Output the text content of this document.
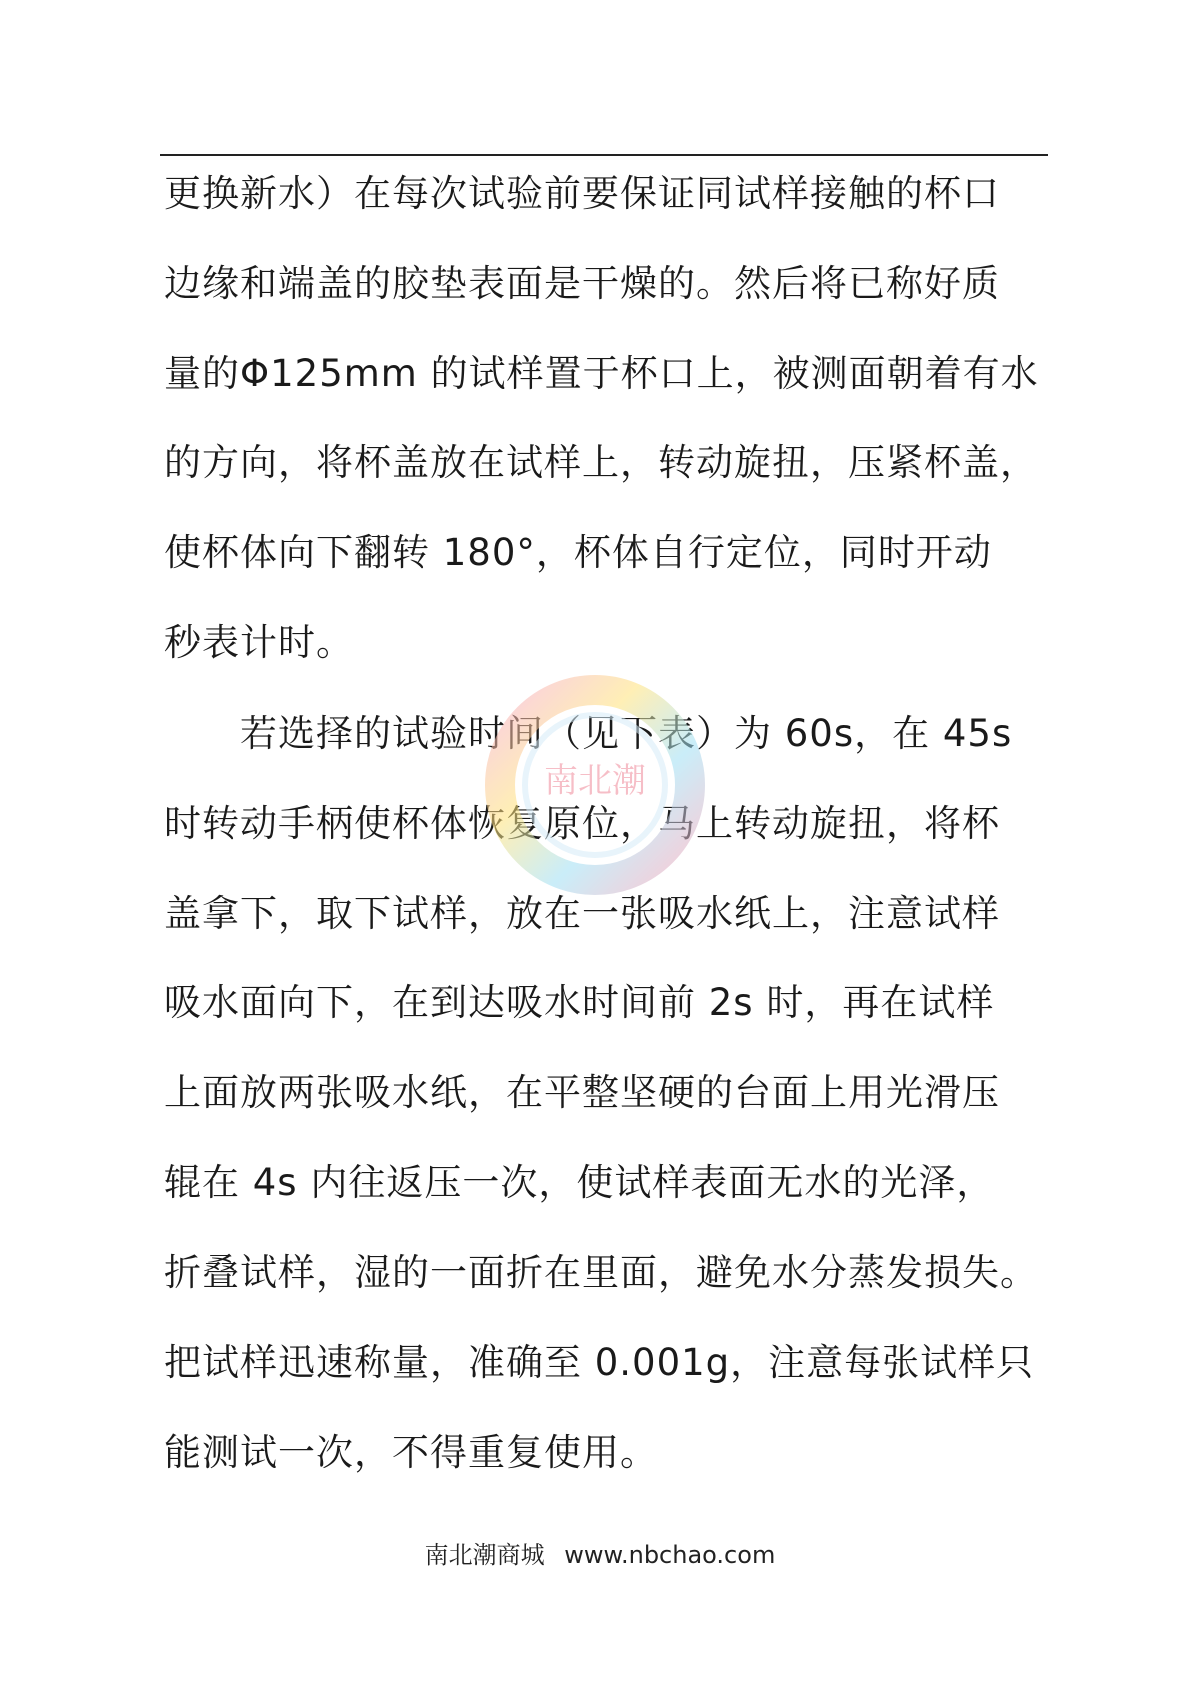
更换新水）在每次试验前要保证同试样接触的杯口
边缘和端盖的胶垫表面是干燥的。然后将已称好质
量的Φ125mm 的试样置于杯口上，被测面朝着有水
的方向，将杯盖放在试样上，转动旋扭，压紧杯盖，
使杯体向下翻转 180°，杯体自行定位，同时开动
秒表计时。
　　若选择的试验时间（见下表）为 60s，在 45s
时转动手柄使杯体恢复原位，马上转动旋扭，将杯
盖拿下，取下试样，放在一张吸水纸上，注意试样
吸水面向下，在到达吸水时间前 2s 时，再在试样
上面放两张吸水纸，在平整坚硬的台面上用光滑压
辊在 4s 内往返压一次，使试样表面无水的光泽，
折叠试样，湿的一面折在里面，避免水分蒸发损失。
把试样迅速称量，准确至 0.001g，注意每张试样只
能测试一次，不得重复使用。
南北潮
南北潮商城 www.nbchao.com
